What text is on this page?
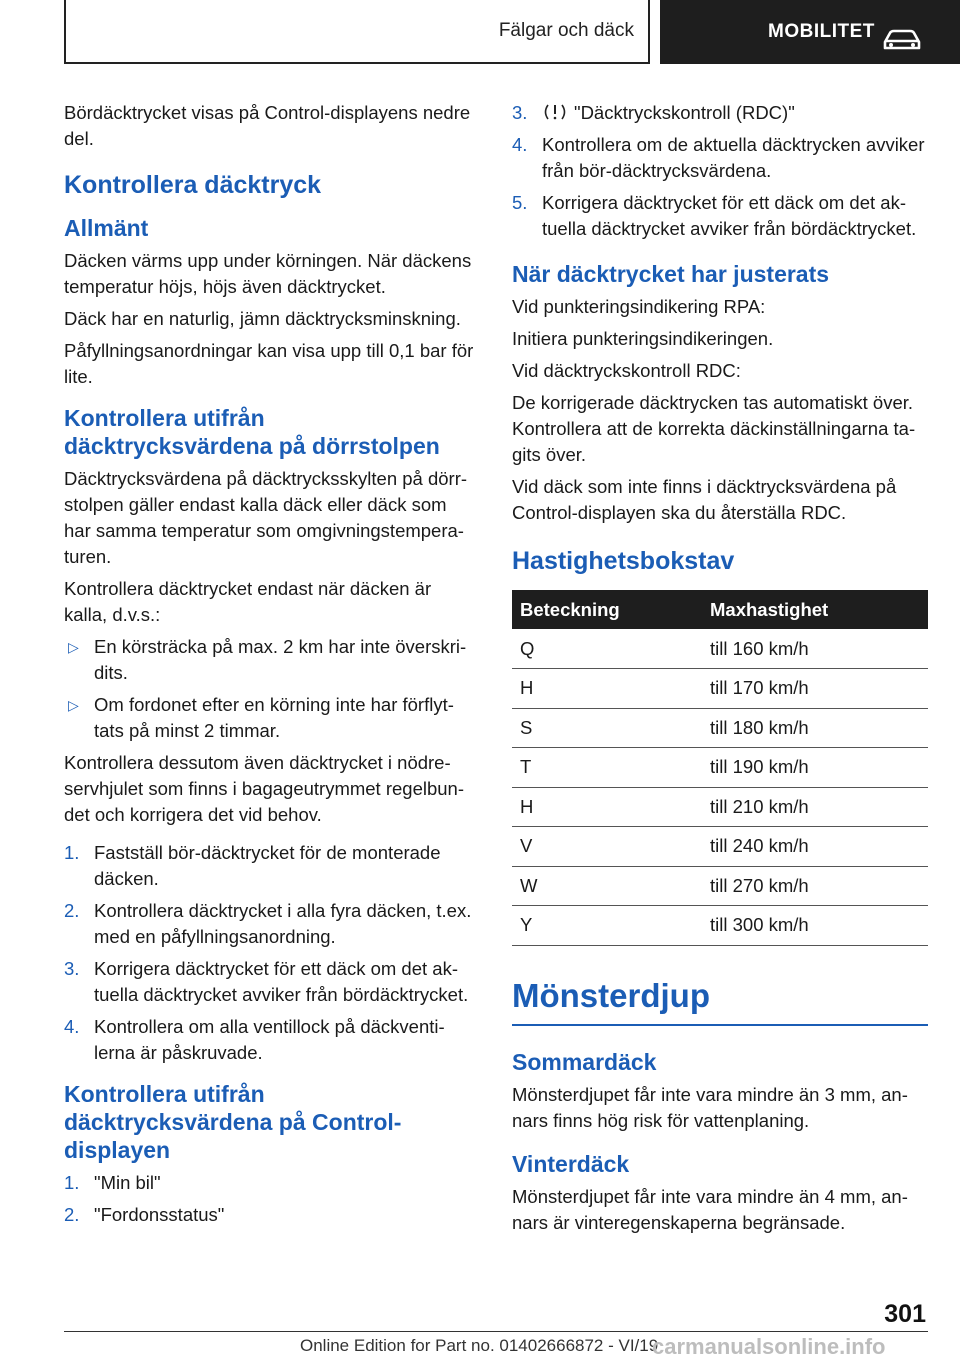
Fälgar och däck	MOBILITET

Bördäcktrycket visas på Control-displayens nedre del.

Kontrollera däcktryck
Allmänt

Däcken värms upp under körningen. När däckens temperatur höjs, höjs även däcktrycket.

Däck har en naturlig, jämn däcktrycksminskning.

Påfyllningsanordningar kan visa upp till 0,1 bar för lite.

Kontrollera utifrån däcktrycksvärdena på dörrstolpen

Däcktrycksvärdena på däcktrycksskylten på dörrstolpen gäller endast kalla däck eller däck som har samma temperatur som omgivningstemperaturen.

Kontrollera däcktrycket endast när däcken är kalla, d.v.s.:

▷ En körsträcka på max. 2 km har inte överskridits.
▷ Om fordonet efter en körning inte har förflyttats på minst 2 timmar.

Kontrollera dessutom även däcktrycket i nödreservhjulet som finns i bagageutrymmet regelbundet och korrigera det vid behov.

1. Fastställ bör-däcktrycket för de monterade däcken.
2. Kontrollera däcktrycket i alla fyra däcken, t.ex. med en påfyllningsanordning.
3. Korrigera däcktrycket för ett däck om det aktuella däcktrycket avviker från bördäcktrycket.
4. Kontrollera om alla ventillock på däckventilerna är påskruvade.
Kontrollera utifrån däcktrycksvärdena på Control-displayen
1. "Min bil"
2. "Fordonsstatus"
3.	"Däcktryckskontroll (RDC)"
4. Kontrollera om de aktuella däcktrycken avviker från bör-däcktrycksvärdena.
5. Korrigera däcktrycket för ett däck om det aktuella däcktrycket avviker från bördäcktrycket.
När däcktrycket har justerats

Vid punkteringsindikering RPA:

Initiera punkteringsindikeringen.

Vid däcktryckskontroll RDC:

De korrigerade däcktrycken tas automatiskt över. Kontrollera att de korrekta däckinställningarna tagits över.

Vid däck som inte finns i däcktrycksvärdena på Control-displayen ska du återställa RDC.

Hastighetsbokstav
Beteckning	Maxhastighet
Q	till 160 km/h
H	till 170 km/h
S	till 180 km/h
T	till 190 km/h
H	till 210 km/h
V	till 240 km/h
W	till 270 km/h
Y	till 300 km/h
Mönsterdjup
Sommardäck

Mönsterdjupet får inte vara mindre än 3 mm, annars finns hög risk för vattenplaning.

Vinterdäck

Mönsterdjupet får inte vara mindre än 4 mm, annars är vinteregenskaperna begränsade.

301
Online Edition for Part no. 01402666872 - VI/19
carmanualsonline.info
